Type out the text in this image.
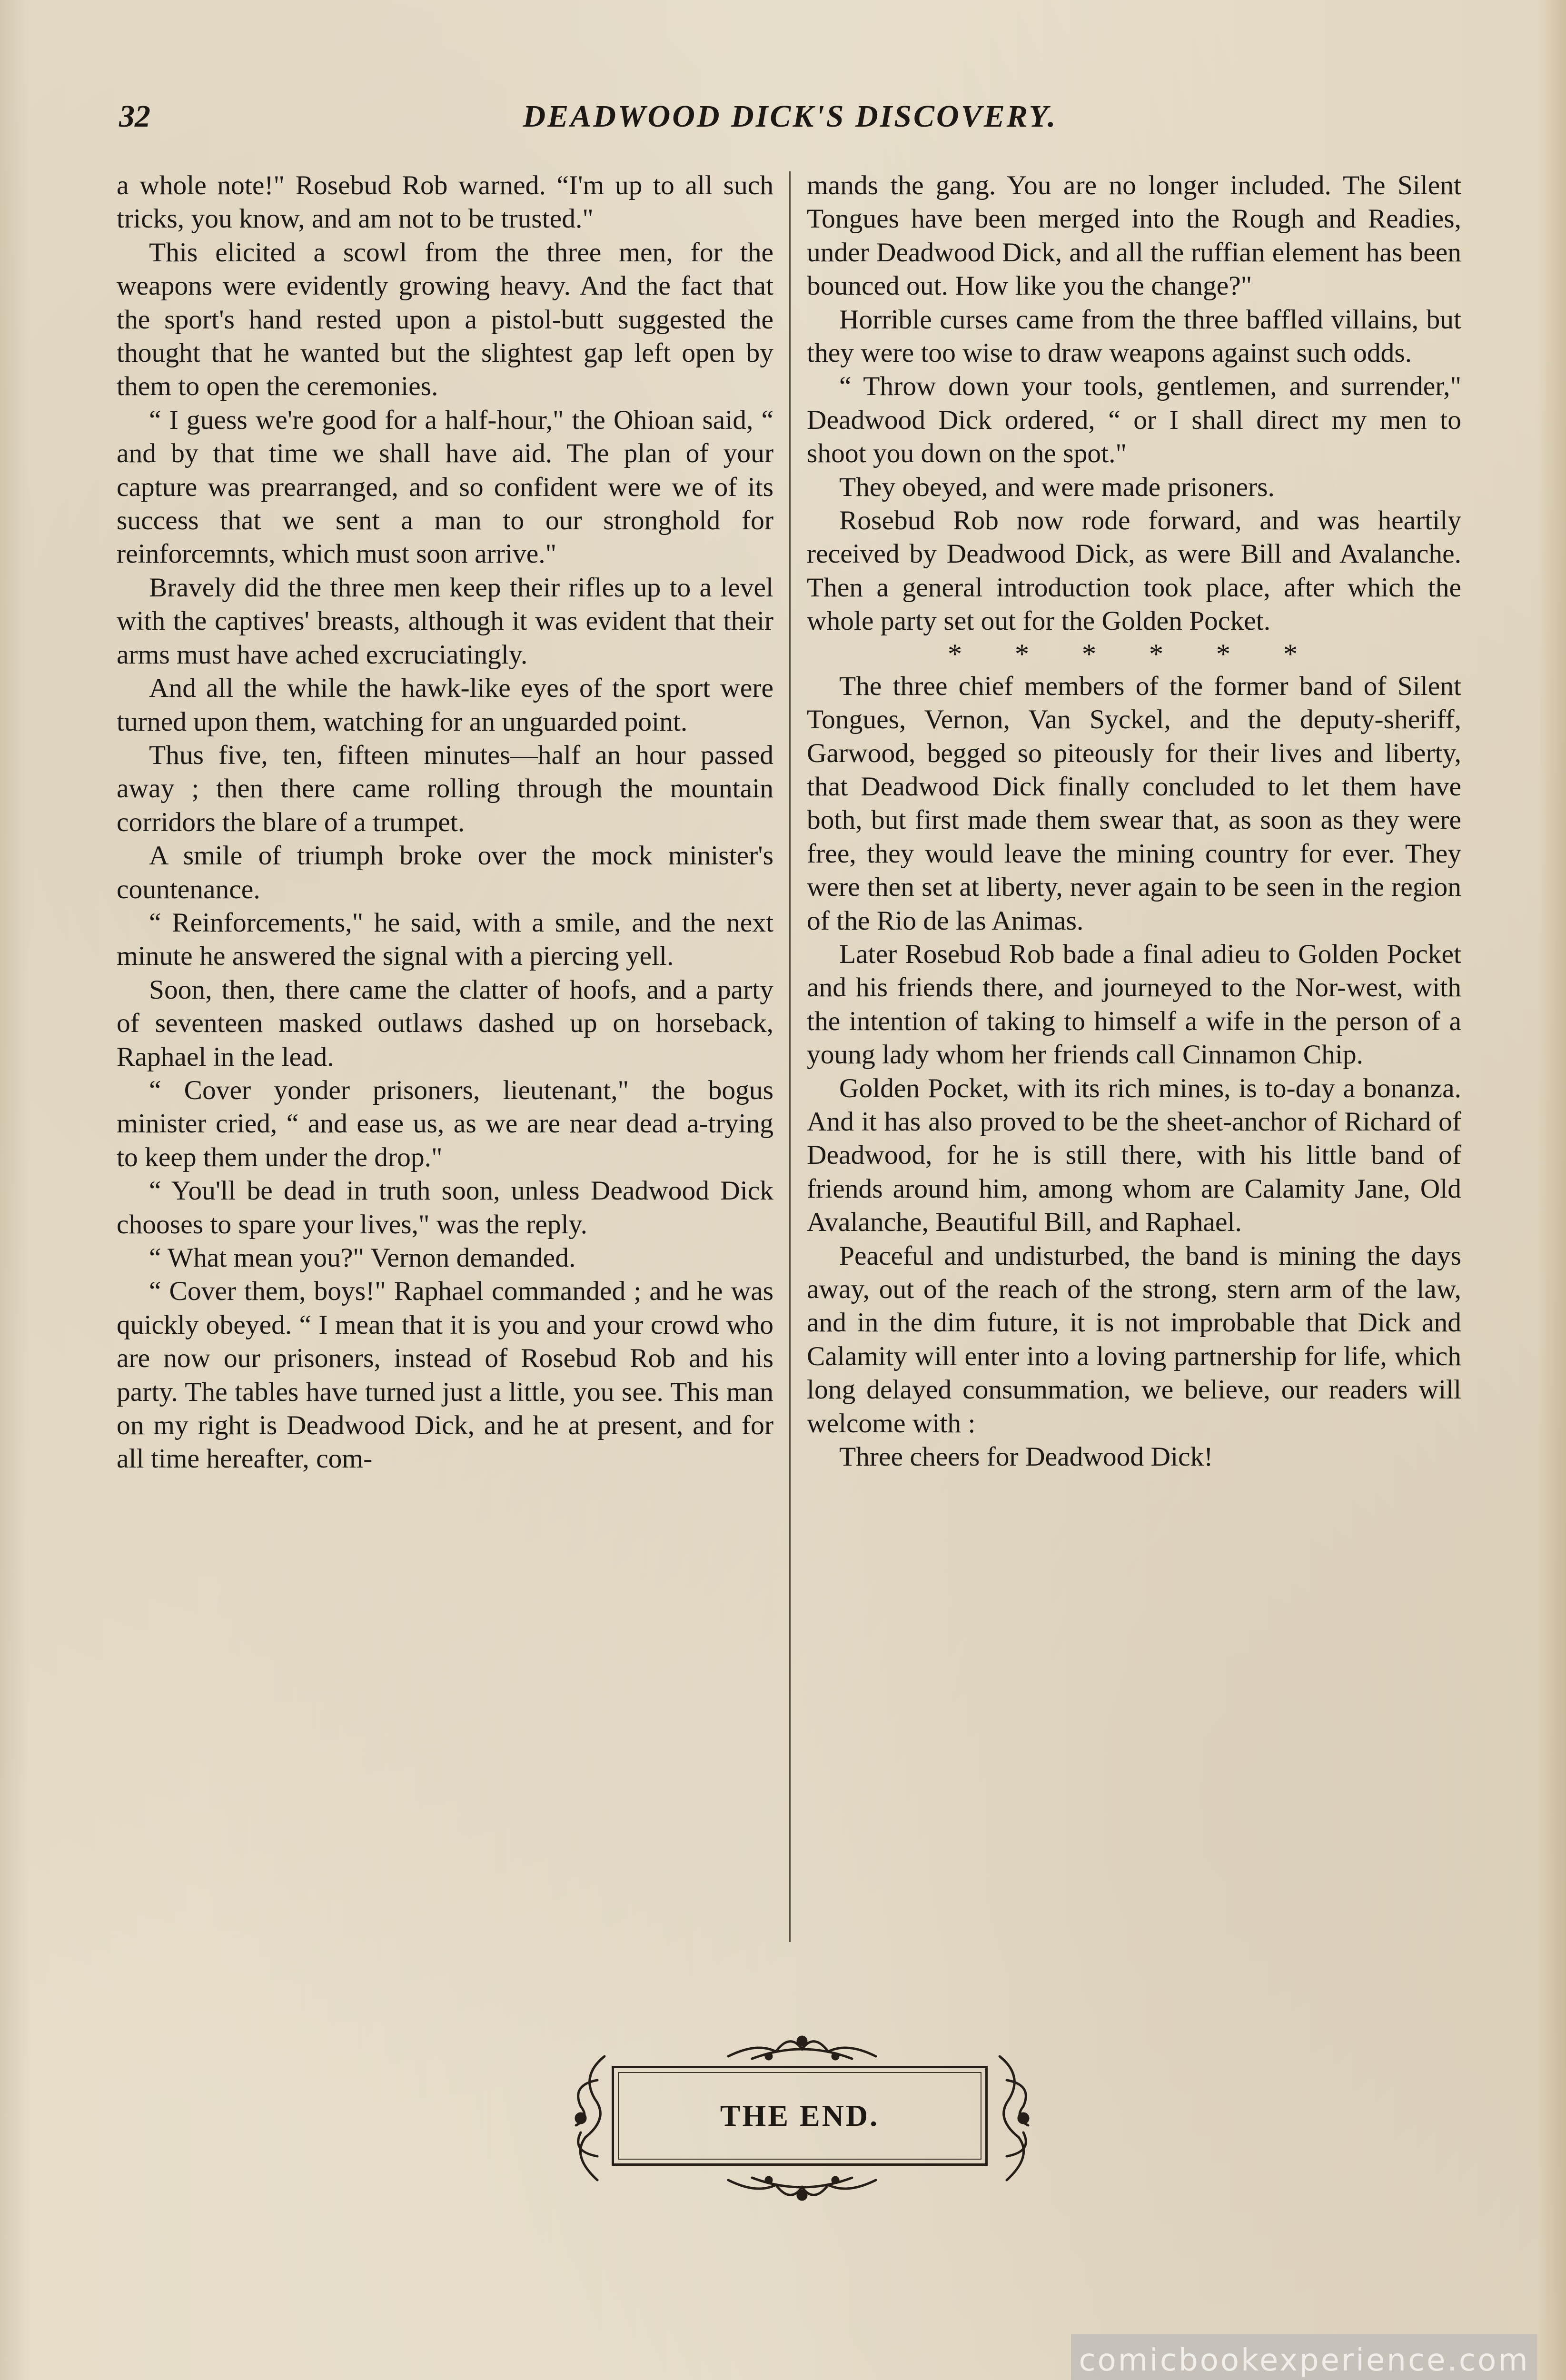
32	DEADWOOD DICK'S DISCOVERY.

a whole note!" Rosebud Rob warned. “I'm up to all such tricks, you know, and am not to be trusted."

This elicited a scowl from the three men, for the weapons were evidently growing heavy. And the fact that the sport's hand rested upon a pistol-butt suggested the thought that he wanted but the slightest gap left open by them to open the ceremonies.

“ I guess we're good for a half-hour," the Ohioan said, “ and by that time we shall have aid. The plan of your capture was prearranged, and so confident were we of its success that we sent a man to our stronghold for reinforcemnts, which must soon arrive."

Bravely did the three men keep their rifles up to a level with the captives' breasts, although it was evident that their arms must have ached excruciatingly.

And all the while the hawk-like eyes of the sport were turned upon them, watching for an unguarded point.

Thus five, ten, fifteen minutes—half an hour passed away ; then there came rolling through the mountain corridors the blare of a trumpet.

A smile of triumph broke over the mock minister's countenance.

“ Reinforcements," he said, with a smile, and the next minute he answered the signal with a piercing yell.

Soon, then, there came the clatter of hoofs, and a party of seventeen masked outlaws dashed up on horseback, Raphael in the lead.

“ Cover yonder prisoners, lieutenant," the bogus minister cried, “ and ease us, as we are near dead a-trying to keep them under the drop."

“ You'll be dead in truth soon, unless Deadwood Dick chooses to spare your lives," was the reply.

“ What mean you?" Vernon demanded.

“ Cover them, boys!" Raphael commanded ; and he was quickly obeyed. “ I mean that it is you and your crowd who are now our prisoners, instead of Rosebud Rob and his party. The tables have turned just a little, you see. This man on my right is Deadwood Dick, and he at present, and for all time hereafter, com-

mands the gang. You are no longer included. The Silent Tongues have been merged into the Rough and Readies, under Deadwood Dick, and all the ruffian element has been bounced out. How like you the change?"

Horrible curses came from the three baffled villains, but they were too wise to draw weapons against such odds.

“ Throw down your tools, gentlemen, and surrender," Deadwood Dick ordered, “ or I shall direct my men to shoot you down on the spot."

They obeyed, and were made prisoners.

Rosebud Rob now rode forward, and was heartily received by Deadwood Dick, as were Bill and Avalanche. Then a general introduction took place, after which the whole party set out for the Golden Pocket.

* * * * * *

The three chief members of the former band of Silent Tongues, Vernon, Van Syckel, and the deputy-sheriff, Garwood, begged so piteously for their lives and liberty, that Deadwood Dick finally concluded to let them have both, but first made them swear that, as soon as they were free, they would leave the mining country for ever. They were then set at liberty, never again to be seen in the region of the Rio de las Animas.

Later Rosebud Rob bade a final adieu to Golden Pocket and his friends there, and journeyed to the Nor-west, with the intention of taking to himself a wife in the person of a young lady whom her friends call Cinnamon Chip.

Golden Pocket, with its rich mines, is to-day a bonanza. And it has also proved to be the sheet-anchor of Richard of Deadwood, for he is still there, with his little band of friends around him, among whom are Calamity Jane, Old Avalanche, Beautiful Bill, and Raphael.

Peaceful and undisturbed, the band is mining the days away, out of the reach of the strong, stern arm of the law, and in the dim future, it is not improbable that Dick and Calamity will enter into a loving partnership for life, which long delayed consummation, we believe, our readers will welcome with :

Three cheers for Deadwood Dick!

THE END.
comicbookexperience.com
